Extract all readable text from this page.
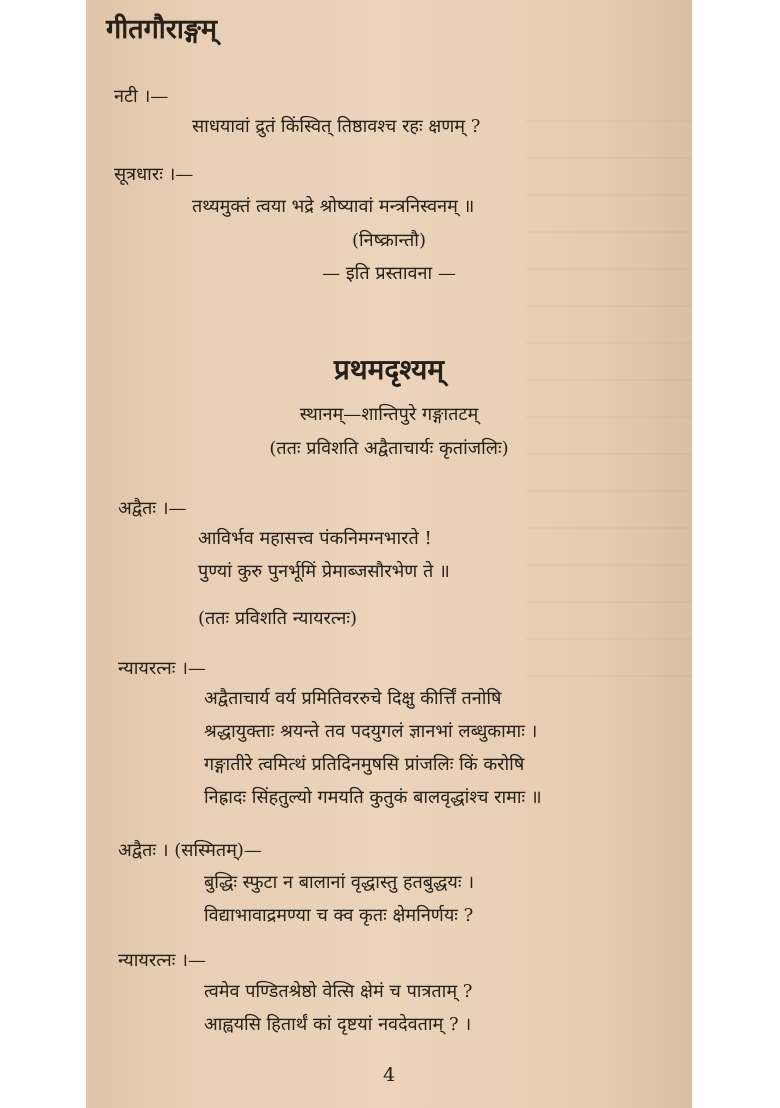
गीतगौराङ्गम्
नटी ।—
साधयावां द्रुतं किंस्वित् तिष्ठावश्च रहः क्षणम् ?
सूत्रधारः ।—
तथ्यमुक्तं त्वया भद्रे श्रोष्यावां मन्त्रनिस्वनम् ॥
(निष्क्रान्तौ)
— इति प्रस्तावना —
प्रथमदृश्यम्
स्थानम्—शान्तिपुरे गङ्गातटम्
(ततः प्रविशति अद्वैताचार्यः कृतांजलिः)
अद्वैतः ।—
आविर्भव महासत्त्व पंकनिमग्नभारते !
पुण्यां कुरु पुनर्भूमिं प्रेमाब्जसौरभेण ते ॥
(ततः प्रविशति न्यायरत्नः)
न्यायरत्नः ।—
अद्वैताचार्य वर्य प्रमितिवररुचे दिक्षु कीर्त्तिं तनोषि
श्रद्धायुक्ताः श्रयन्ते तव पदयुगलं ज्ञानभां लब्धुकामाः ।
गङ्गातीरे त्वमित्थं प्रतिदिनमुषसि प्रांजलिः किं करोषि
निह्रादः सिंहतुल्यो गमयति कुतुकं बालवृद्धांश्च रामाः ॥
अद्वैतः । (सस्मितम्)—
बुद्धिः स्फुटा न बालानां वृद्धास्तु हतबुद्धयः ।
विद्याभावाद्रमण्या च क्व कृतः क्षेमनिर्णयः ?
न्यायरत्नः ।—
त्वमेव पण्डितश्रेष्ठो वेत्सि क्षेमं च पात्रताम् ?
आह्वयसि हितार्थं कां दृष्टयां नवदेवताम् ? ।
4
